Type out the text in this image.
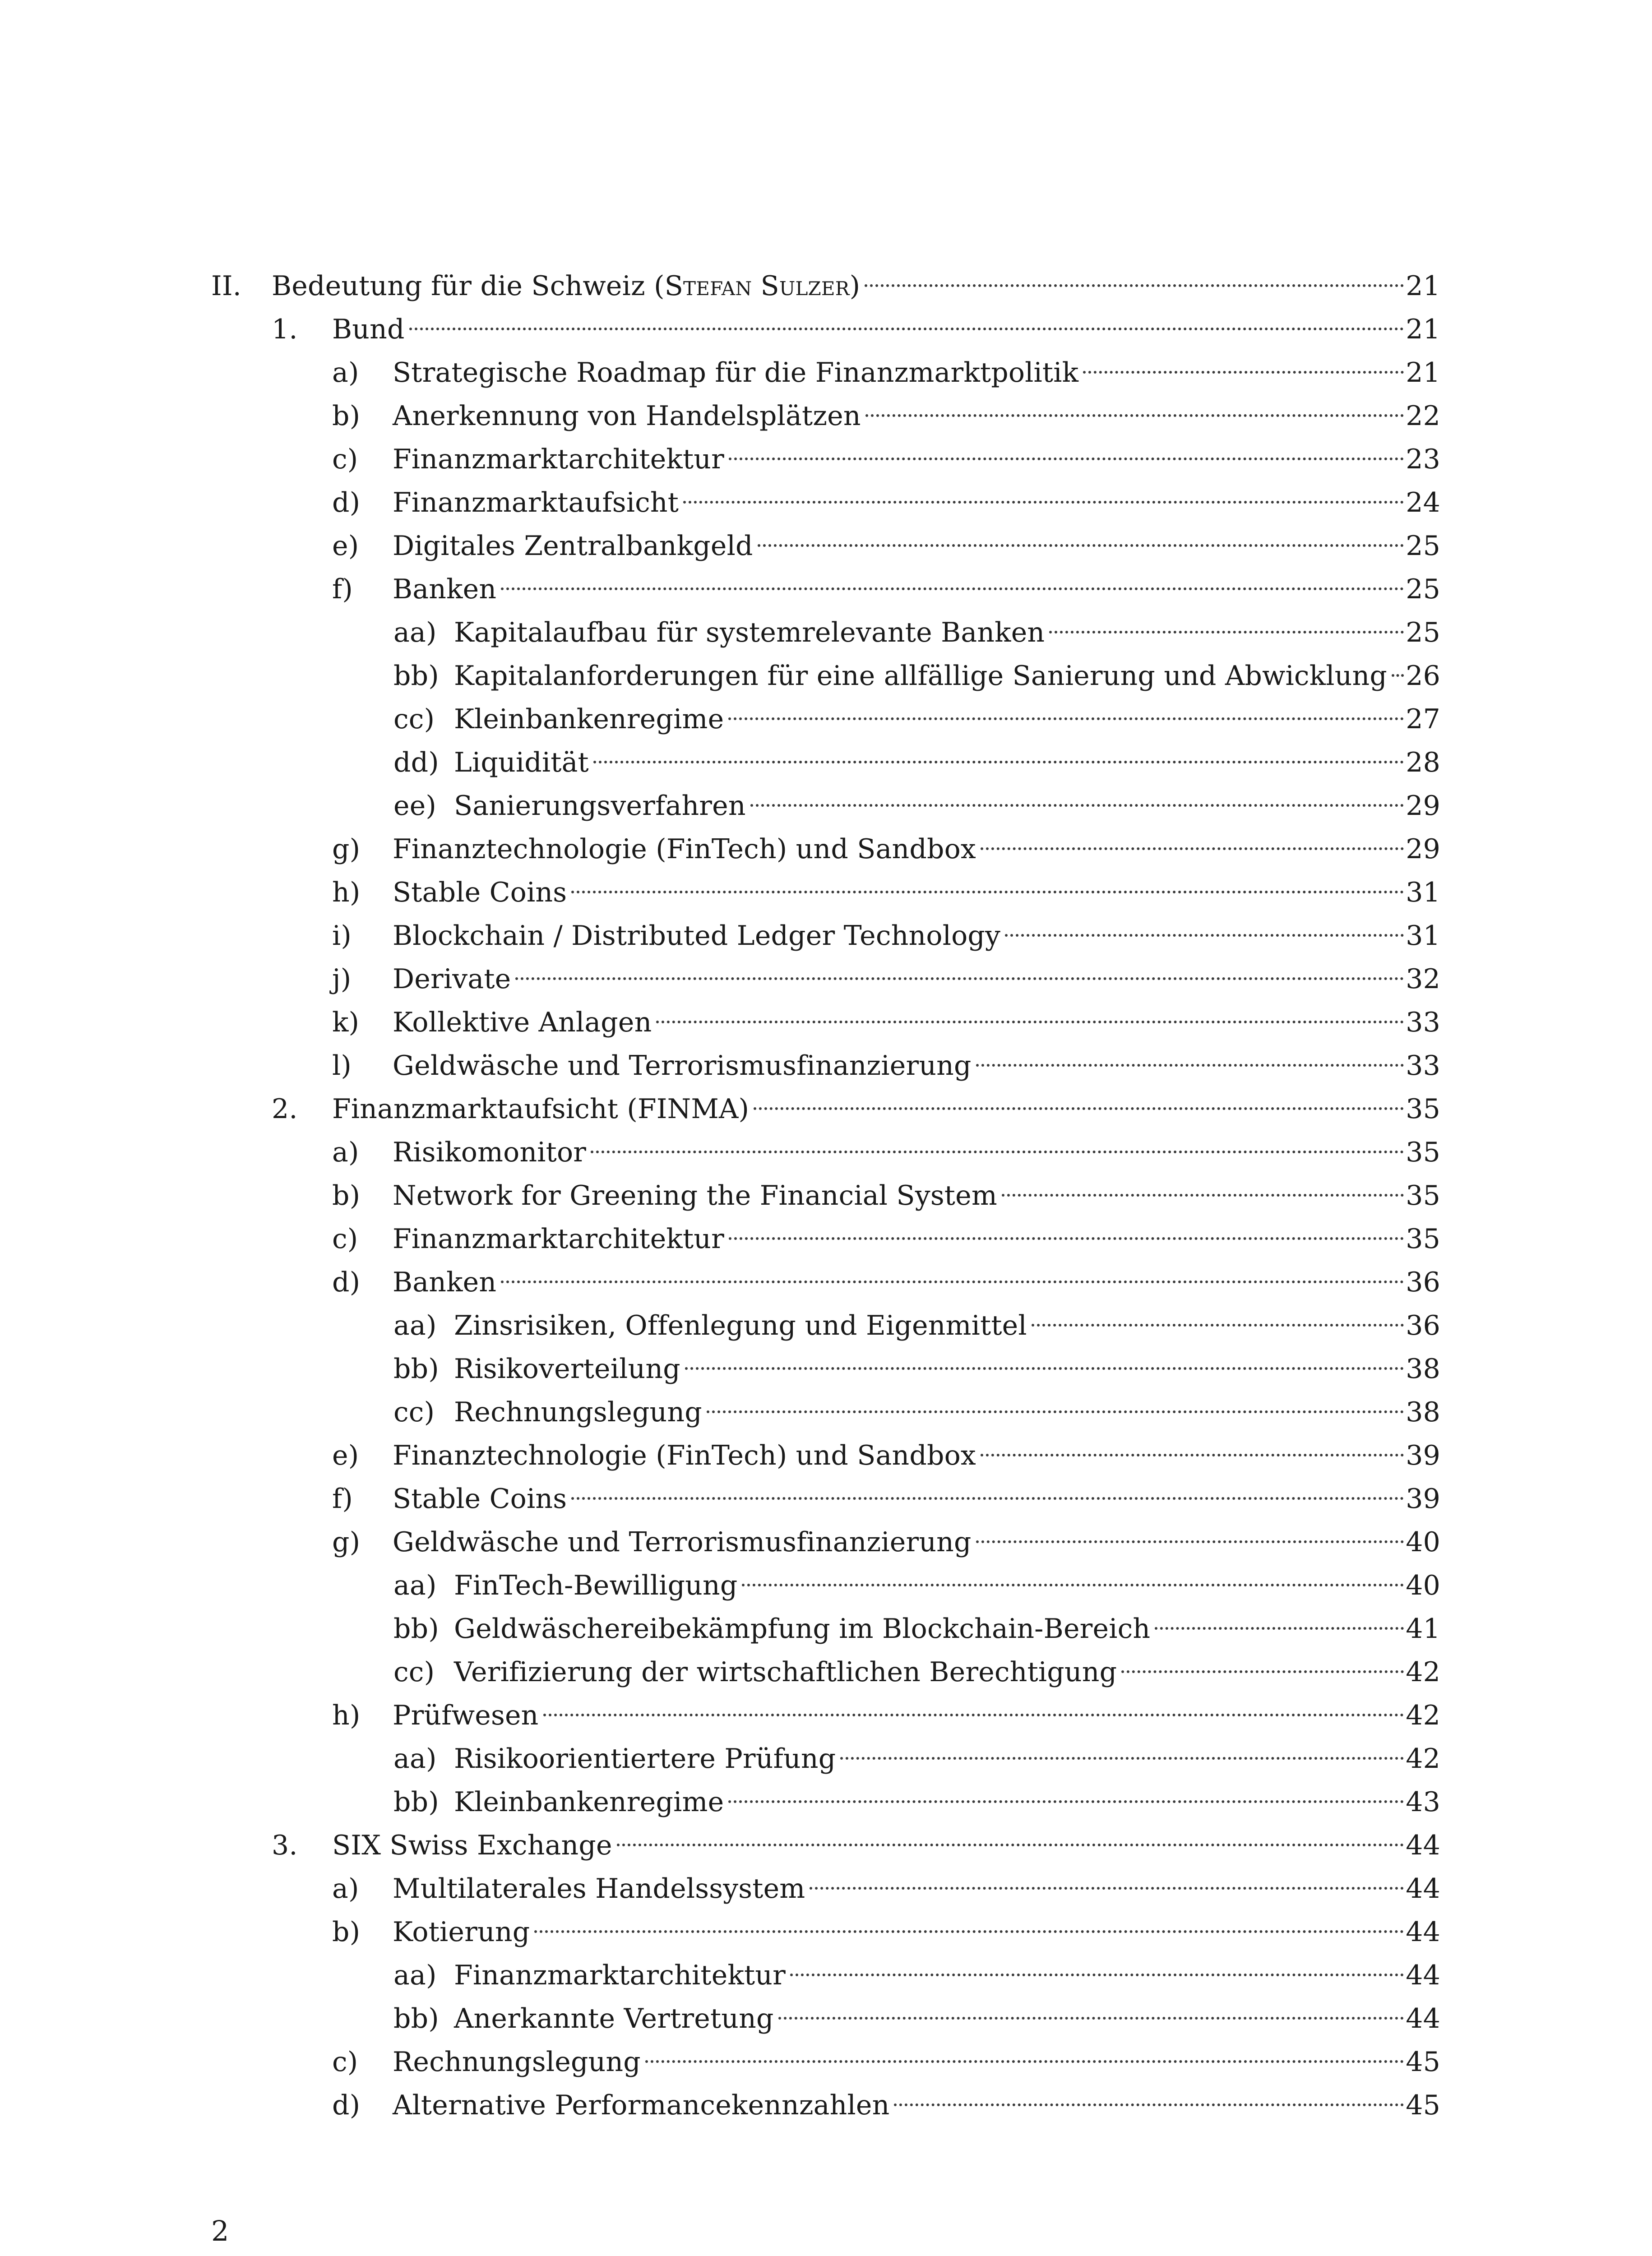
II.	Bedeutung für die Schweiz (Stefan Sulzer)	21
1.	Bund	21
a)	Strategische Roadmap für die Finanzmarktpolitik	21
b)	Anerkennung von Handelsplätzen	22
c)	Finanzmarktarchitektur	23
d)	Finanzmarktaufsicht	24
e)	Digitales Zentralbankgeld	25
f)	Banken	25
aa) Kapitalaufbau für systemrelevante Banken	25
bb) Kapitalanforderungen für eine allfällige Sanierung und Abwicklung 26
cc) Kleinbankenregime	27
dd) Liquidität	28
ee) Sanierungsverfahren	29
g)	Finanztechnologie (FinTech) und Sandbox	29
h)	Stable Coins	31
i)	Blockchain / Distributed Ledger Technology	31
j)	Derivate	32
k)	Kollektive Anlagen	33
l)	Geldwäsche und Terrorismusfinanzierung	33
2.	Finanzmarktaufsicht (FINMA)	35
a)	Risikomonitor	35
b)	Network for Greening the Financial System	35
c)	Finanzmarktarchitektur	35
d)	Banken	36
aa) Zinsrisiken, Offenlegung und Eigenmittel	36
bb) Risikoverteilung	38
cc) Rechnungslegung	38
e)	Finanztechnologie (FinTech) und Sandbox	39
f)	Stable Coins	39
g)	Geldwäsche und Terrorismusfinanzierung	40
aa) FinTech-Bewilligung	40
bb) Geldwäschereibekämpfung im Blockchain-Bereich	41
cc) Verifizierung der wirtschaftlichen Berechtigung	42
h)	Prüfwesen	42
aa) Risikoorientiertere Prüfung	42
bb) Kleinbankenregime	43
3.	SIX Swiss Exchange	44
a)	Multilaterales Handelssystem	44
b)	Kotierung	44
aa) Finanzmarktarchitektur	44
bb) Anerkannte Vertretung	44
c)	Rechnungslegung	45
d)	Alternative Performancekennzahlen	45
2
